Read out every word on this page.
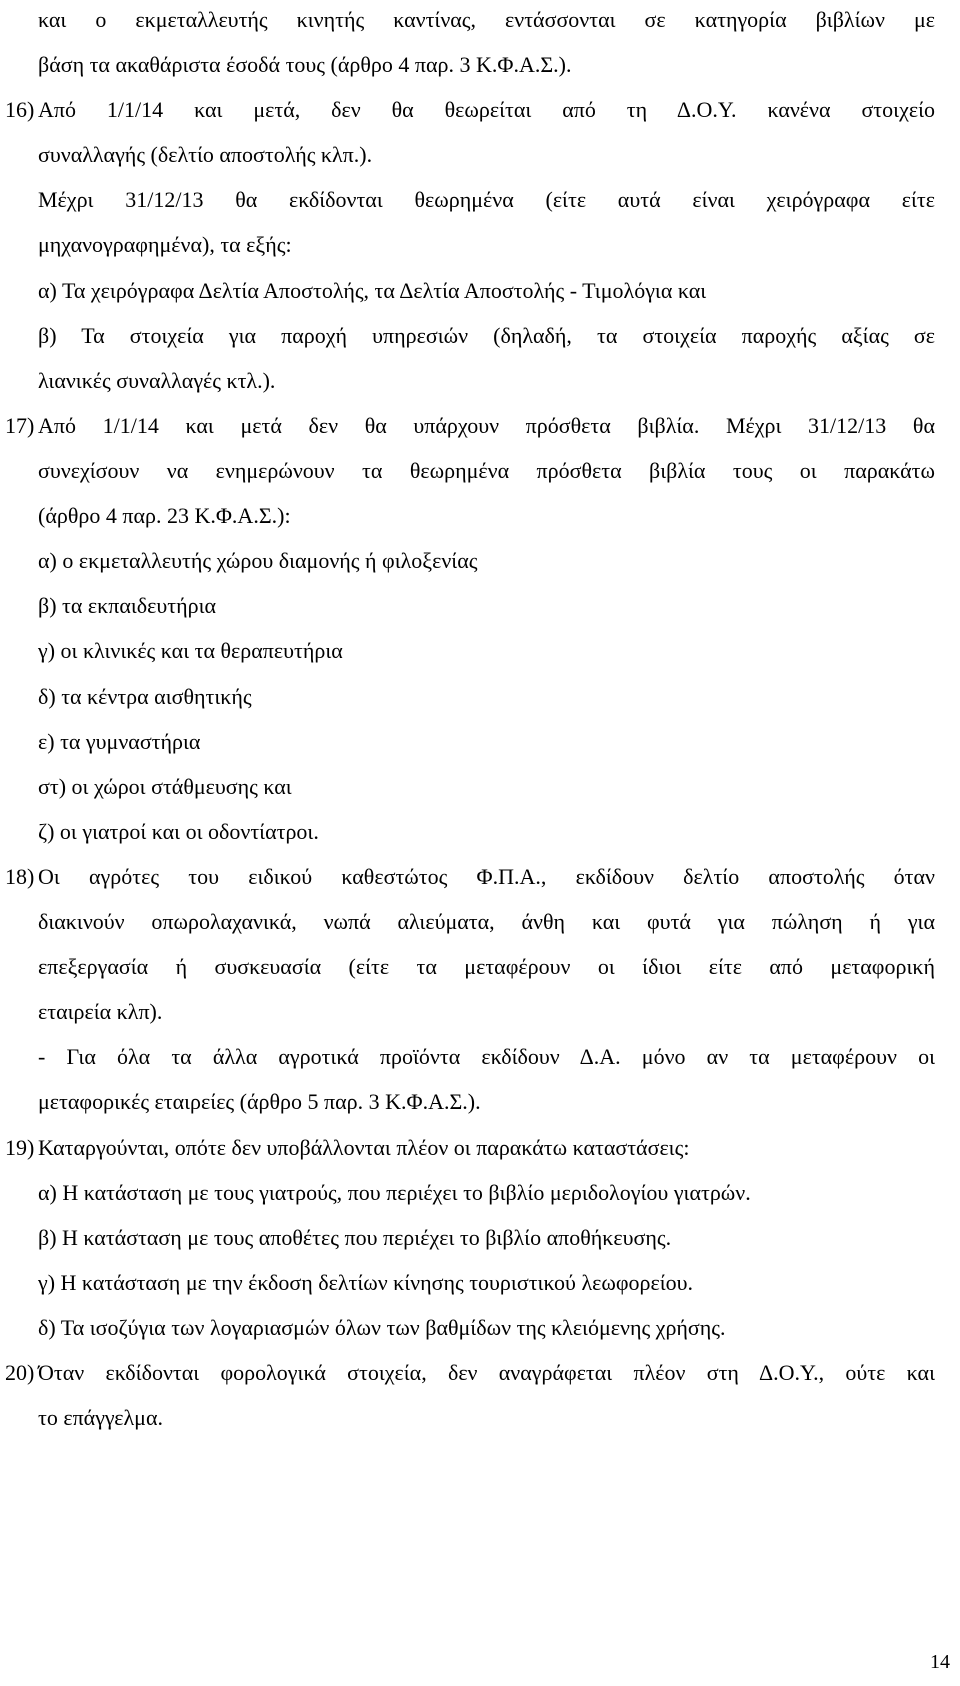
και ο εκμεταλλευτής κινητής καντίνας, εντάσσονται σε κατηγορία βιβλίων με

βάση τα ακαθάριστα έσοδά τους (άρθρο 4 παρ. 3 Κ.Φ.Α.Σ.).

16) Από 1/1/14 και μετά, δεν θα θεωρείται από τη Δ.Ο.Υ. κανένα στοιχείο

συναλλαγής (δελτίο αποστολής κλπ.).

Μέχρι 31/12/13 θα εκδίδονται θεωρημένα (είτε αυτά είναι χειρόγραφα είτε

μηχανογραφημένα), τα εξής:

α) Τα χειρόγραφα Δελτία Αποστολής, τα Δελτία Αποστολής - Τιμολόγια και

β) Τα στοιχεία για παροχή υπηρεσιών (δηλαδή, τα στοιχεία παροχής αξίας σε

λιανικές συναλλαγές κτλ.).

17) Από 1/1/14 και μετά δεν θα υπάρχουν πρόσθετα βιβλία. Μέχρι 31/12/13 θα

συνεχίσουν να ενημερώνουν τα θεωρημένα πρόσθετα βιβλία τους οι παρακάτω

(άρθρο 4 παρ. 23 Κ.Φ.Α.Σ.):

α) ο εκμεταλλευτής χώρου διαμονής ή φιλοξενίας

β) τα εκπαιδευτήρια

γ) οι κλινικές και τα θεραπευτήρια

δ) τα κέντρα αισθητικής

ε) τα γυμναστήρια

στ) οι χώροι στάθμευσης και

ζ) οι γιατροί και οι οδοντίατροι.

18) Οι αγρότες του ειδικού καθεστώτος Φ.Π.Α., εκδίδουν δελτίο αποστολής όταν

διακινούν οπωρολαχανικά, νωπά αλιεύματα, άνθη και φυτά για πώληση ή για

επεξεργασία ή συσκευασία (είτε τα μεταφέρουν οι ίδιοι είτε από μεταφορική

εταιρεία κλπ).

- Για όλα τα άλλα αγροτικά προϊόντα εκδίδουν Δ.Α. μόνο αν τα μεταφέρουν οι

μεταφορικές εταιρείες (άρθρο 5 παρ. 3 Κ.Φ.Α.Σ.).

19) Καταργούνται, οπότε δεν υποβάλλονται πλέον οι παρακάτω καταστάσεις:

α) Η κατάσταση με τους γιατρούς, που περιέχει το βιβλίο μεριδολογίου γιατρών.

β) Η κατάσταση με τους αποθέτες που περιέχει το βιβλίο αποθήκευσης.

γ) Η κατάσταση με την έκδοση δελτίων κίνησης τουριστικού λεωφορείου.

δ) Τα ισοζύγια των λογαριασμών όλων των βαθμίδων της κλειόμενης χρήσης.

20) Όταν εκδίδονται φορολογικά στοιχεία, δεν αναγράφεται πλέον στη Δ.Ο.Υ., ούτε και

το επάγγελμα.

14
